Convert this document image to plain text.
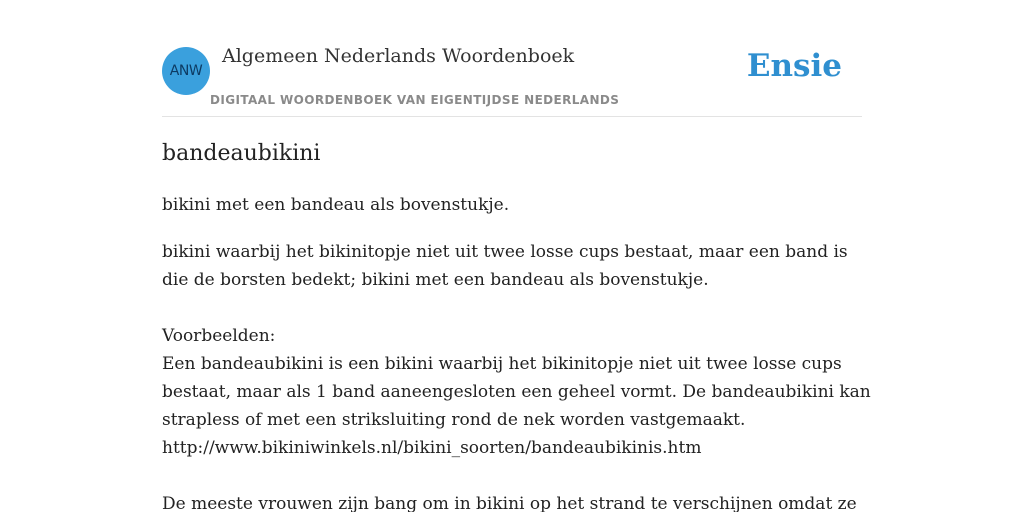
ANW
Algemeen Nederlands Woordenboek
DIGITAAL WOORDENBOEK VAN EIGENTIJDSE NEDERLANDS
Ensie
bandeaubikini

bikini met een bandeau als bovenstukje.

bikini waarbij het bikinitopje niet uit twee losse cups bestaat, maar een band is
die de borsten bedekt; bikini met een bandeau als bovenstukje.
Voorbeelden:
Een bandeaubikini is een bikini waarbij het bikinitopje niet uit twee losse cups
bestaat, maar als 1 band aaneengesloten een geheel vormt. De bandeaubikini kan
strapless of met een striksluiting rond de nek worden vastgemaakt.
http://www.bikiniwinkels.nl/bikini_soorten/bandeaubikinis.htm
De meeste vrouwen zijn bang om in bikini op het strand te verschijnen omdat ze
